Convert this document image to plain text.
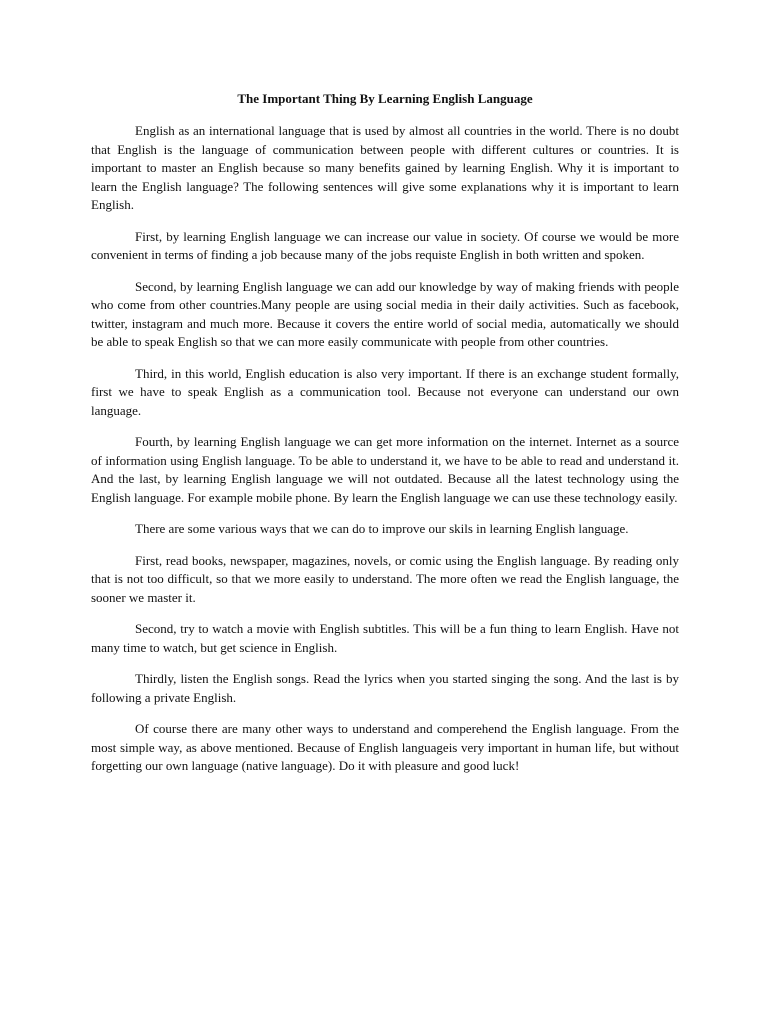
The Important Thing By Learning English Language

English as an international language that is used by almost all countries in the world. There is no doubt that English is the language of communication between people with different cultures or countries. It is important to master an English because so many benefits gained by learning English. Why it is important to learn the English language? The following sentences will give some explanations why it is important to learn English.

First, by learning English language we can increase our value in society. Of course we would be more convenient in terms of finding a job because many of the jobs requiste English in both written and spoken.

Second, by learning English language we can add our knowledge by way of making friends with people who come from other countries.Many people are using social media in their daily activities. Such as facebook, twitter, instagram and much more. Because it covers the entire world of social media, automatically we should be able to speak English so that we can more easily communicate with people from other countries.

Third, in this world, English education is also very important. If there is an exchange student formally, first we have to speak English as a communication tool. Because not everyone can understand our own language.

Fourth, by learning English language we can get more information on the internet. Internet as a source of information using English language. To be able to understand it, we have to be able to read and understand it. And the last, by learning English language we will not outdated. Because all the latest technology using the English language. For example mobile phone. By learn the English language we can use these technology easily.

There are some various ways that we can do to improve our skils in learning English language.

First, read books, newspaper, magazines, novels, or comic using the English language. By reading only that is not too difficult, so that we more easily to understand. The more often we read the English language, the sooner we master it.

Second, try to watch a movie with English subtitles. This will be a fun thing to learn English. Have not many time to watch, but get science in English.

Thirdly, listen the English songs. Read the lyrics when you started singing the song. And the last is by following a private English.

Of course there are many other ways to understand and comperehend the English language. From the most simple way, as above mentioned. Because of English languageis very important in human life, but without forgetting our own language (native language). Do it with pleasure and good luck!
